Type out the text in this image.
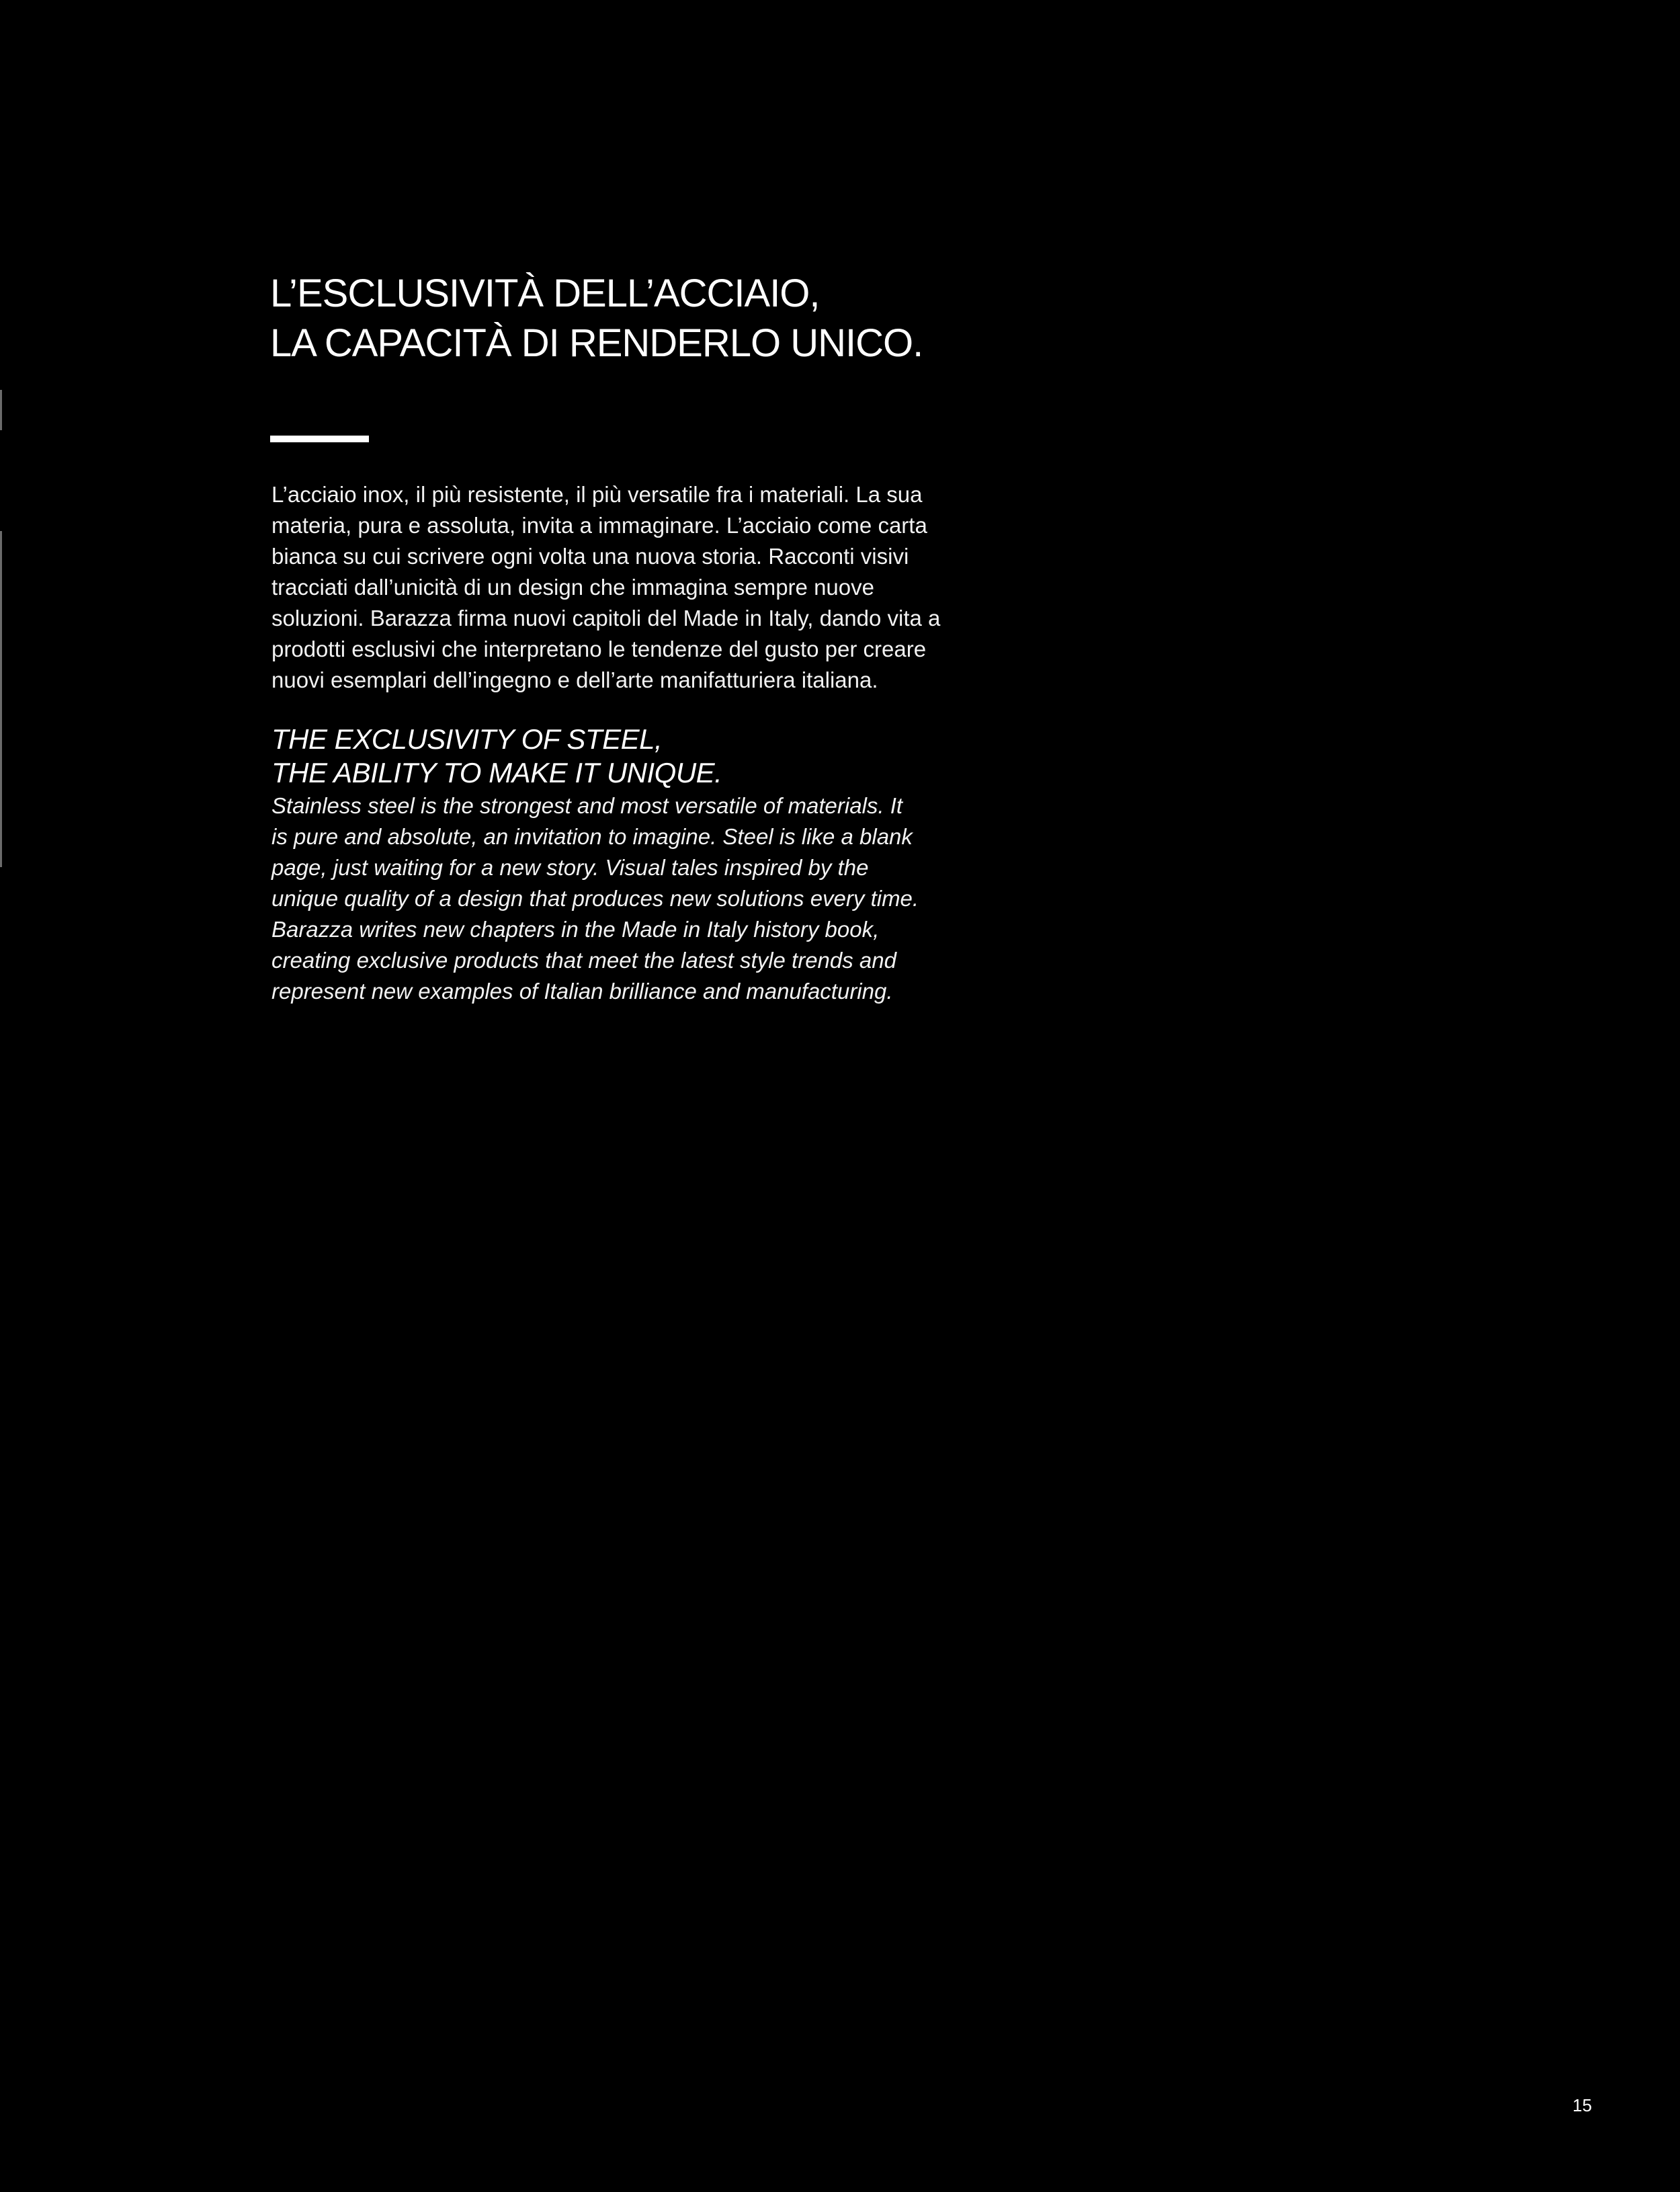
L’ESCLUSIVITÀ DELL’ACCIAIO,
LA CAPACITÀ DI RENDERLO UNICO.

L’acciaio inox, il più resistente, il più versatile fra i materiali. La sua
materia, pura e assoluta, invita a immaginare. L’acciaio come carta
bianca su cui scrivere ogni volta una nuova storia. Racconti visivi
tracciati dall’unicità di un design che immagina sempre nuove
soluzioni. Barazza firma nuovi capitoli del Made in Italy, dando vita a
prodotti esclusivi che interpretano le tendenze del gusto per creare
nuovi esemplari dell’ingegno e dell’arte manifatturiera italiana.

THE EXCLUSIVITY OF STEEL,
THE ABILITY TO MAKE IT UNIQUE.

Stainless steel is the strongest and most versatile of materials. It
is pure and absolute, an invitation to imagine. Steel is like a blank
page, just waiting for a new story. Visual tales inspired by the
unique quality of a design that produces new solutions every time.
Barazza writes new chapters in the Made in Italy history book,
creating exclusive products that meet the latest style trends and
represent new examples of Italian brilliance and manufacturing.

15
